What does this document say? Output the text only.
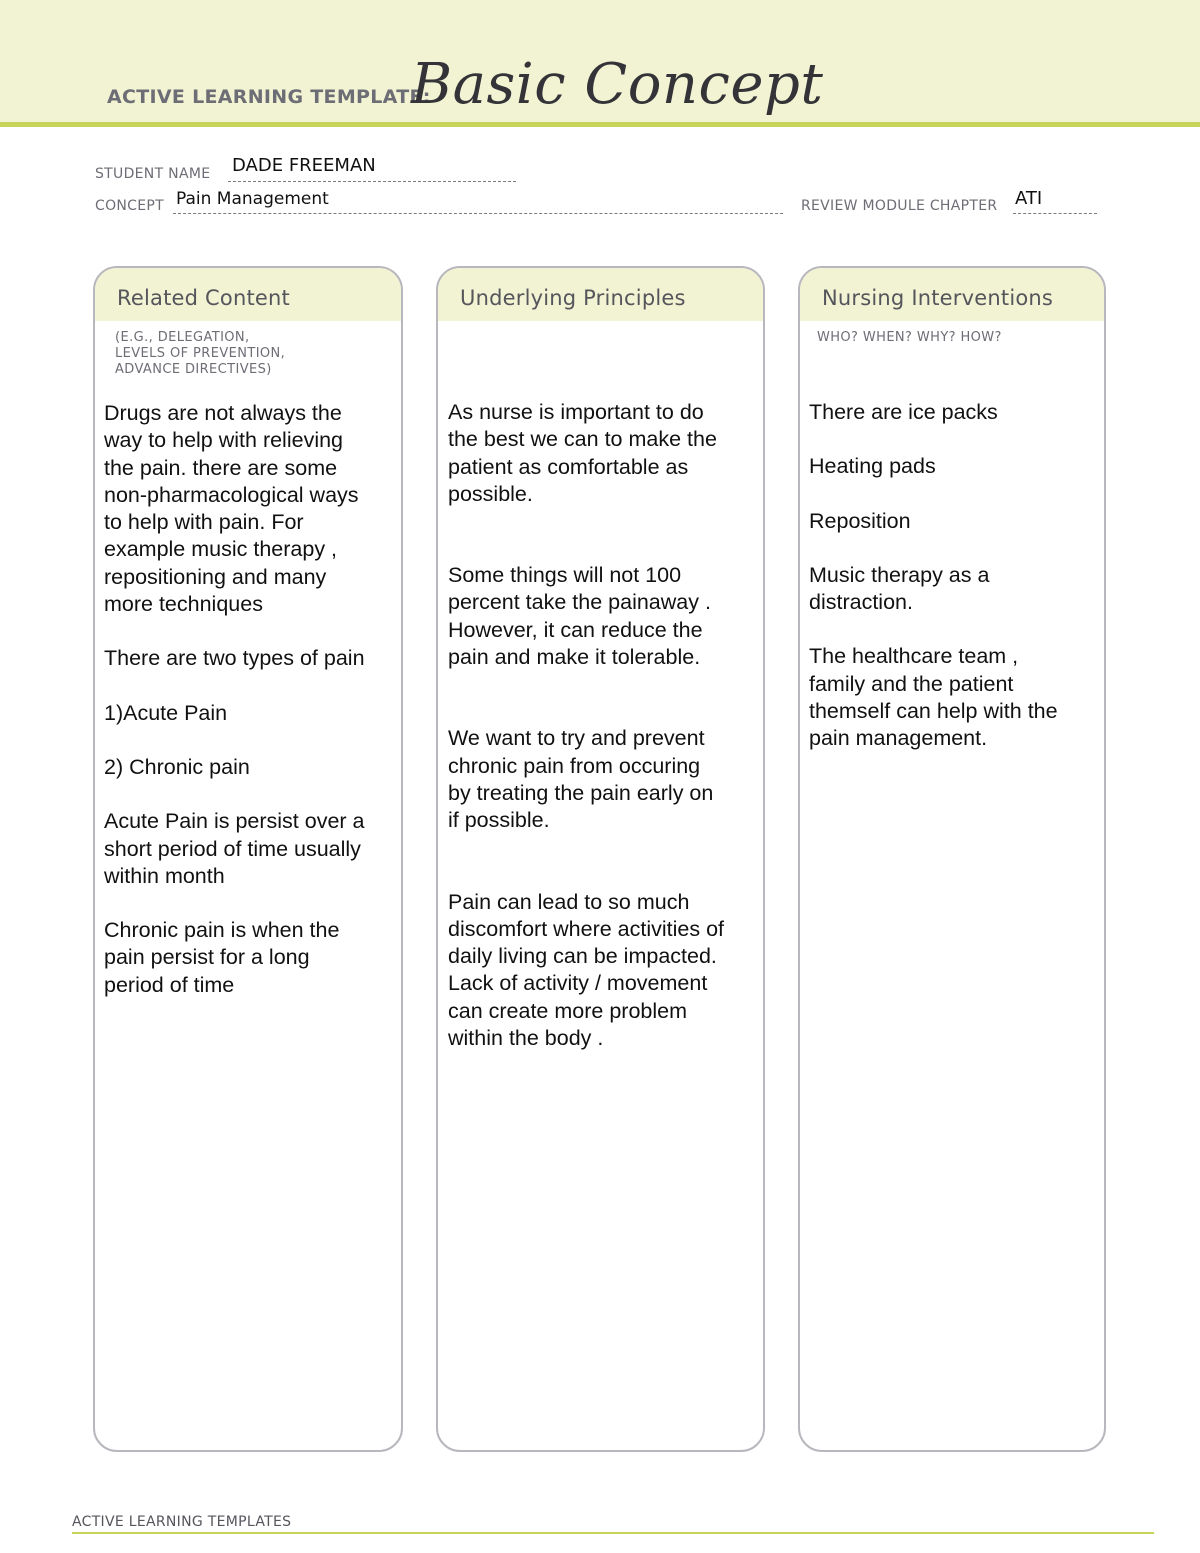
ACTIVE LEARNING TEMPLATE:
Basic Concept
STUDENT NAME DADE FREEMAN
CONCEPT Pain Management	REVIEW MODULE CHAPTER ATI
Related Content
(E.G., DELEGATION,
LEVELS OF PREVENTION,
ADVANCE DIRECTIVES)

Drugs are not always the
way to help with relieving
the pain. there are some
non-pharmacological ways
to help with pain. For
example music therapy ,
repositioning and many
more techniques

There are two types of pain

1)Acute Pain

2) Chronic pain

Acute Pain is persist over a
short period of time usually
within month

Chronic pain is when the
pain persist for a long
period of time

Underlying Principles

As nurse is important to do
the best we can to make the
patient as comfortable as
possible.

Some things will not 100
percent take the painaway .
However, it can reduce the
pain and make it tolerable.

We want to try and prevent
chronic pain from occuring
by treating the pain early on
if possible.

Pain can lead to so much
discomfort where activities of
daily living can be impacted.
Lack of activity / movement
can create more problem
within the body .

Nursing Interventions
WHO? WHEN? WHY? HOW?

There are ice packs

Heating pads

Reposition

Music therapy as a
distraction.

The healthcare team ,
family and the patient
themself can help with the
pain management.

ACTIVE LEARNING TEMPLATES
